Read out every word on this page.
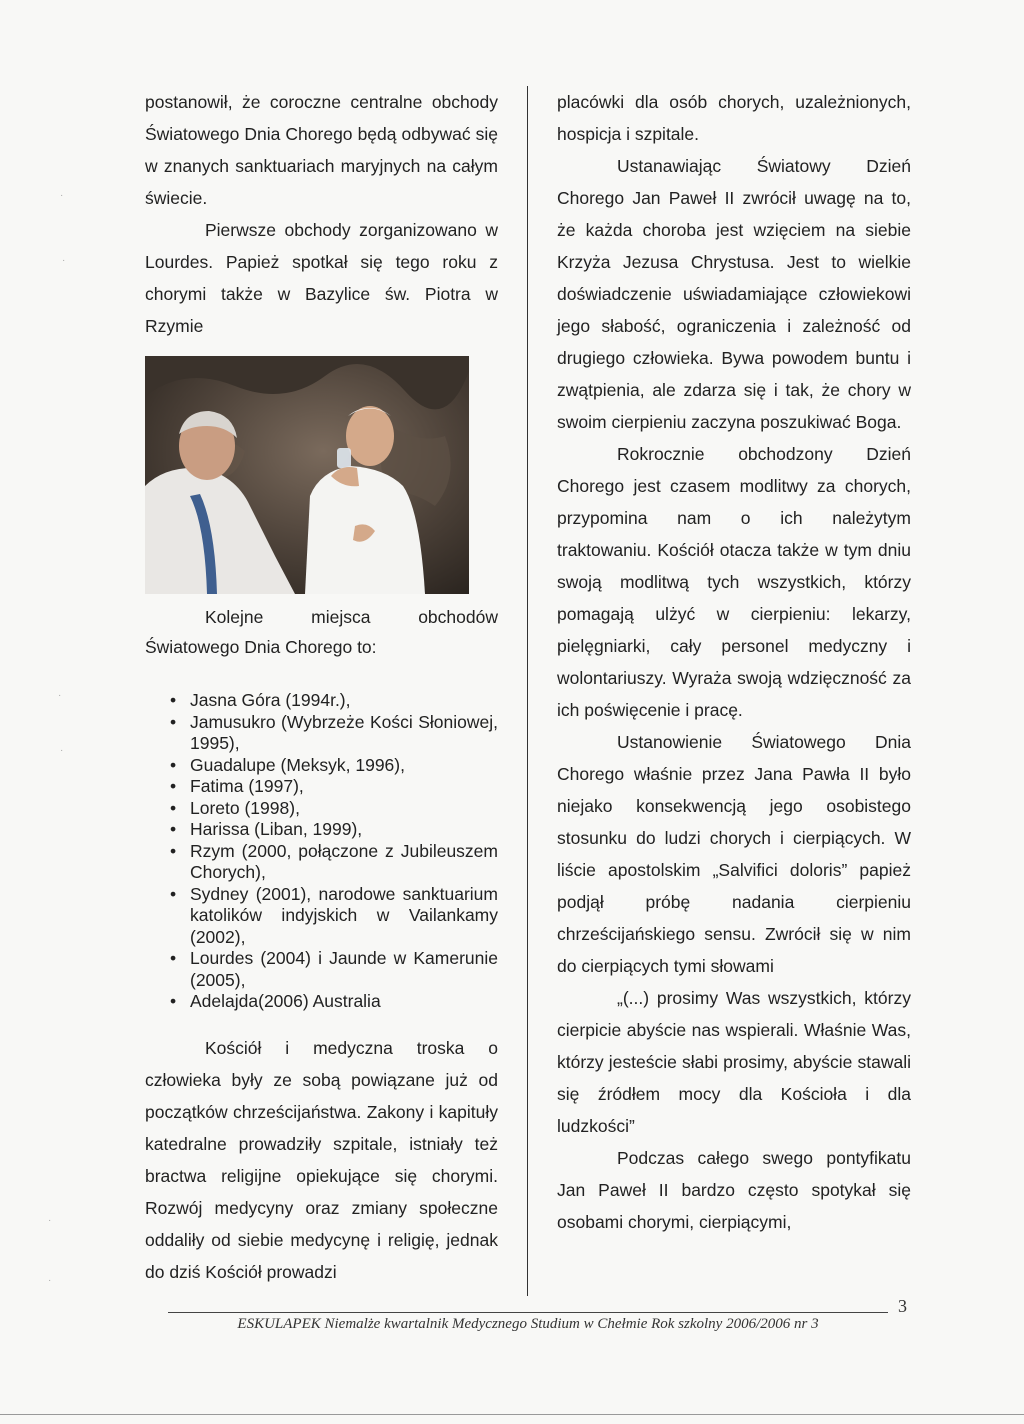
postanowił, że coroczne centralne obchody Światowego Dnia Chorego będą odbywać się w znanych sanktuariach maryjnych na całym świecie.

Pierwsze obchody zorganizowano w Lourdes. Papież spotkał się tego roku z chorymi także w Bazylice św. Piotra w Rzymie

Kolejne miejsca obchodów Światowego Dnia Chorego to:

• Jasna Góra (1994r.),
• Jamusukro (Wybrzeże Kości Słoniowej, 1995),
• Guadalupe (Meksyk, 1996),
• Fatima (1997),
• Loreto (1998),
• Harissa (Liban, 1999),
• Rzym (2000, połączone z Jubileuszem Chorych),
• Sydney (2001), narodowe sanktuarium katolików indyjskich w Vailankamy (2002),
• Lourdes (2004) i Jaunde w Kamerunie (2005),
• Adelajda(2006) Australia

Kościół i medyczna troska o człowieka były ze sobą powiązane już od początków chrześcijaństwa. Zakony i kapituły katedralne prowadziły szpitale, istniały też bractwa religijne opiekujące się chorymi. Rozwój medycyny oraz zmiany społeczne oddaliły od siebie medycynę i religię, jednak do dziś Kościół prowadzi

placówki dla osób chorych, uzależnionych, hospicja i szpitale.

Ustanawiając Światowy Dzień Chorego Jan Paweł II zwrócił uwagę na to, że każda choroba jest wzięciem na siebie Krzyża Jezusa Chrystusa. Jest to wielkie doświadczenie uświadamiające człowiekowi jego słabość, ograniczenia i zależność od drugiego człowieka. Bywa powodem buntu i zwątpienia, ale zdarza się i tak, że chory w swoim cierpieniu zaczyna poszukiwać Boga.

Rokrocznie obchodzony Dzień Chorego jest czasem modlitwy za chorych, przypomina nam o ich należytym traktowaniu. Kościół otacza także w tym dniu swoją modlitwą tych wszystkich, którzy pomagają ulżyć w cierpieniu: lekarzy, pielęgniarki, cały personel medyczny i wolontariuszy. Wyraża swoją wdzięczność za ich poświęcenie i pracę.

Ustanowienie Światowego Dnia Chorego właśnie przez Jana Pawła II było niejako konsekwencją jego osobistego stosunku do ludzi chorych i cierpiących. W liście apostolskim „Salvifici doloris” papież podjął próbę nadania cierpieniu chrześcijańskiego sensu. Zwrócił się w nim do cierpiących tymi słowami

„(...) prosimy Was wszystkich, którzy cierpicie abyście nas wspierali. Właśnie Was, którzy jesteście słabi prosimy, abyście stawali się źródłem mocy dla Kościoła i dla ludzkości”

Podczas całego swego pontyfikatu Jan Paweł II bardzo często spotykał się osobami chorymi, cierpiącymi,

3
ESKULAPEK Niemalże kwartalnik Medycznego Studium w Chełmie Rok szkolny 2006/2006 nr 3
·
·
·
·
·
·
